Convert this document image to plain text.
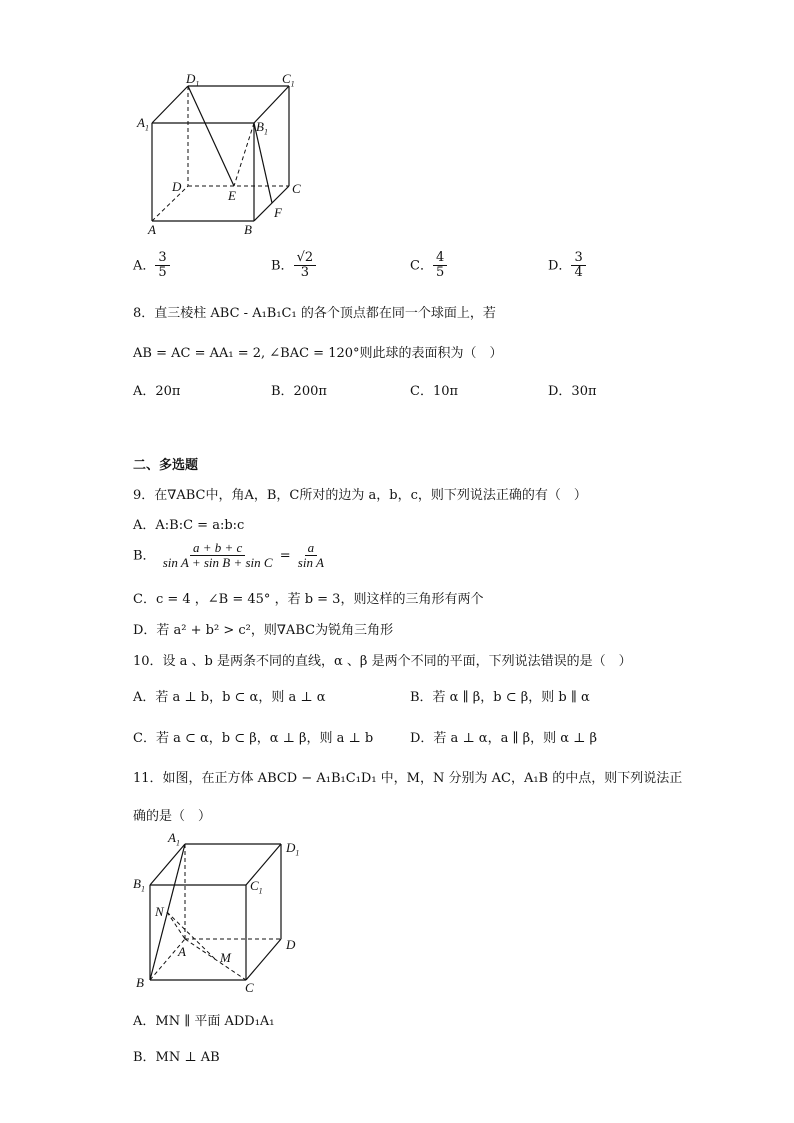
$D_1$	$C_1$
$A_1$	$B_1$
D
E	C
F
A	B
A． $\frac{3}{5}$	B． $\frac{√2}{3}$	C． $\frac{4}{5}$	D． $\frac{3}{4}$
8．直三棱柱 ABC - A₁B₁C₁ 的各个顶点都在同一个球面上，若
AB = AC = AA₁ = 2, ∠BAC = 120°则此球的表面积为（　）
A．20π	B．200π	C．10π	D．30π
二、多选题
9．在∇ABC中，角A，B，C所对的边为 a，b，c，则下列说法正确的有（　）
A．A:B:C = a:b:c
B． $\frac{a + b + c}{\text{sin A + sin B + sin C}} = \frac{a}{\text{sin A}}$
C．c = 4 ，∠B = 45° ，若 b = 3，则这样的三角形有两个
D．若 a² + b² > c²，则∇ABC为锐角三角形
10．设 a 、b 是两条不同的直线，α 、β 是两个不同的平面，下列说法错误的是（　）
A．若 a ⊥ b，b ⊂ α，则 a ⊥ α	B．若 α ∥ β，b ⊂ β，则 b ∥ α
C．若 a ⊂ α，b ⊂ β，α ⊥ β，则 a ⊥ b	D．若 a ⊥ α，a ∥ β，则 α ⊥ β
11．如图，在正方体 ABCD − A₁B₁C₁D₁ 中，M，N 分别为 AC，A₁B 的中点，则下列说法正
确的是（　）
$A_1$	$D_1$
$B_1$	$C_1$
N
A	M
D
B	C
A．MN ∥ 平面 ADD₁A₁
B．MN ⊥ AB
